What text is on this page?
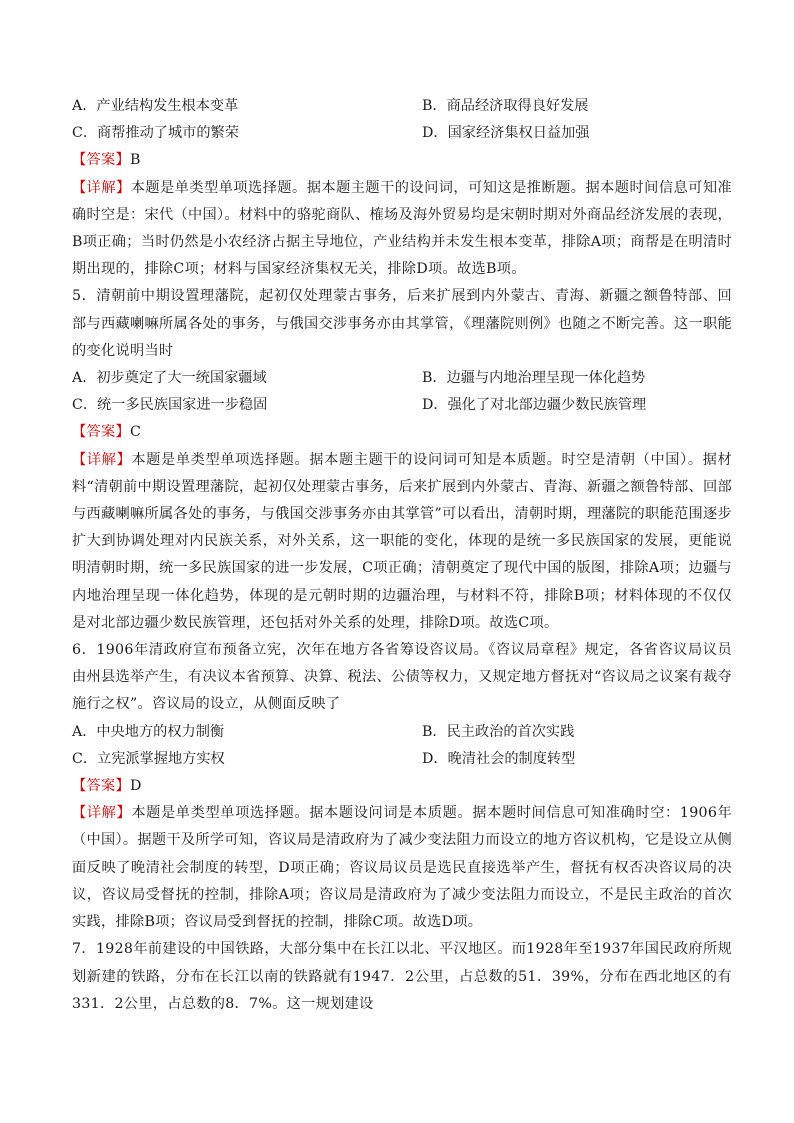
A．产业结构发生根本变革	B．商品经济取得良好发展
C．商帮推动了城市的繁荣	D．国家经济集权日益加强
【答案】B
【详解】本题是单类型单项选择题。据本题主题干的设问词，可知这是推断题。据本题时间信息可知准确时空是：宋代（中国）。材料中的骆驼商队、榷场及海外贸易均是宋朝时期对外商品经济发展的表现，B项正确；当时仍然是小农经济占据主导地位，产业结构并未发生根本变革，排除A项；商帮是在明清时期出现的，排除C项；材料与国家经济集权无关，排除D项。故选B项。
5．清朝前中期设置理藩院，起初仅处理蒙古事务，后来扩展到内外蒙古、青海、新疆之额鲁特部、回部与西藏喇嘛所属各处的事务，与俄国交涉事务亦由其掌管，《理藩院则例》也随之不断完善。这一职能的变化说明当时
A．初步奠定了大一统国家疆域	B．边疆与内地治理呈现一体化趋势
C．统一多民族国家进一步稳固	D．强化了对北部边疆少数民族管理
【答案】C
【详解】本题是单类型单项选择题。据本题主题干的设问词可知是本质题。时空是清朝（中国）。据材料“清朝前中期设置理藩院，起初仅处理蒙古事务，后来扩展到内外蒙古、青海、新疆之额鲁特部、回部与西藏喇嘛所属各处的事务，与俄国交涉事务亦由其掌管”可以看出，清朝时期，理藩院的职能范围逐步扩大到协调处理对内民族关系，对外关系，这一职能的变化，体现的是统一多民族国家的发展，更能说明清朝时期，统一多民族国家的进一步发展，C项正确；清朝奠定了现代中国的版图，排除A项；边疆与内地治理呈现一体化趋势，体现的是元朝时期的边疆治理，与材料不符，排除B项；材料体现的不仅仅是对北部边疆少数民族管理，还包括对外关系的处理，排除D项。故选C项。
6．1906年清政府宣布预备立宪，次年在地方各省筹设咨议局。《咨议局章程》规定，各省咨议局议员由州县选举产生，有决议本省预算、决算、税法、公债等权力，又规定地方督抚对“咨议局之议案有裁夺施行之权”。咨议局的设立，从侧面反映了
A．中央地方的权力制衡	B．民主政治的首次实践
C．立宪派掌握地方实权	D．晚清社会的制度转型
【答案】D
【详解】本题是单类型单项选择题。据本题设问词是本质题。据本题时间信息可知准确时空：1906年（中国）。据题干及所学可知，咨议局是清政府为了减少变法阻力而设立的地方咨议机构，它是设立从侧面反映了晚清社会制度的转型，D项正确；咨议局议员是选民直接选举产生，督抚有权否决咨议局的决议，咨议局受督抚的控制，排除A项；咨议局是清政府为了减少变法阻力而设立，不是民主政治的首次实践，排除B项；咨议局受到督抚的控制，排除C项。故选D项。
7．1928年前建设的中国铁路，大部分集中在长江以北、平汉地区。而1928年至1937年国民政府所规划新建的铁路，分布在长江以南的铁路就有1947．2公里，占总数的51．39%，分布在西北地区的有331．2公里，占总数的8．7%。这一规划建设
